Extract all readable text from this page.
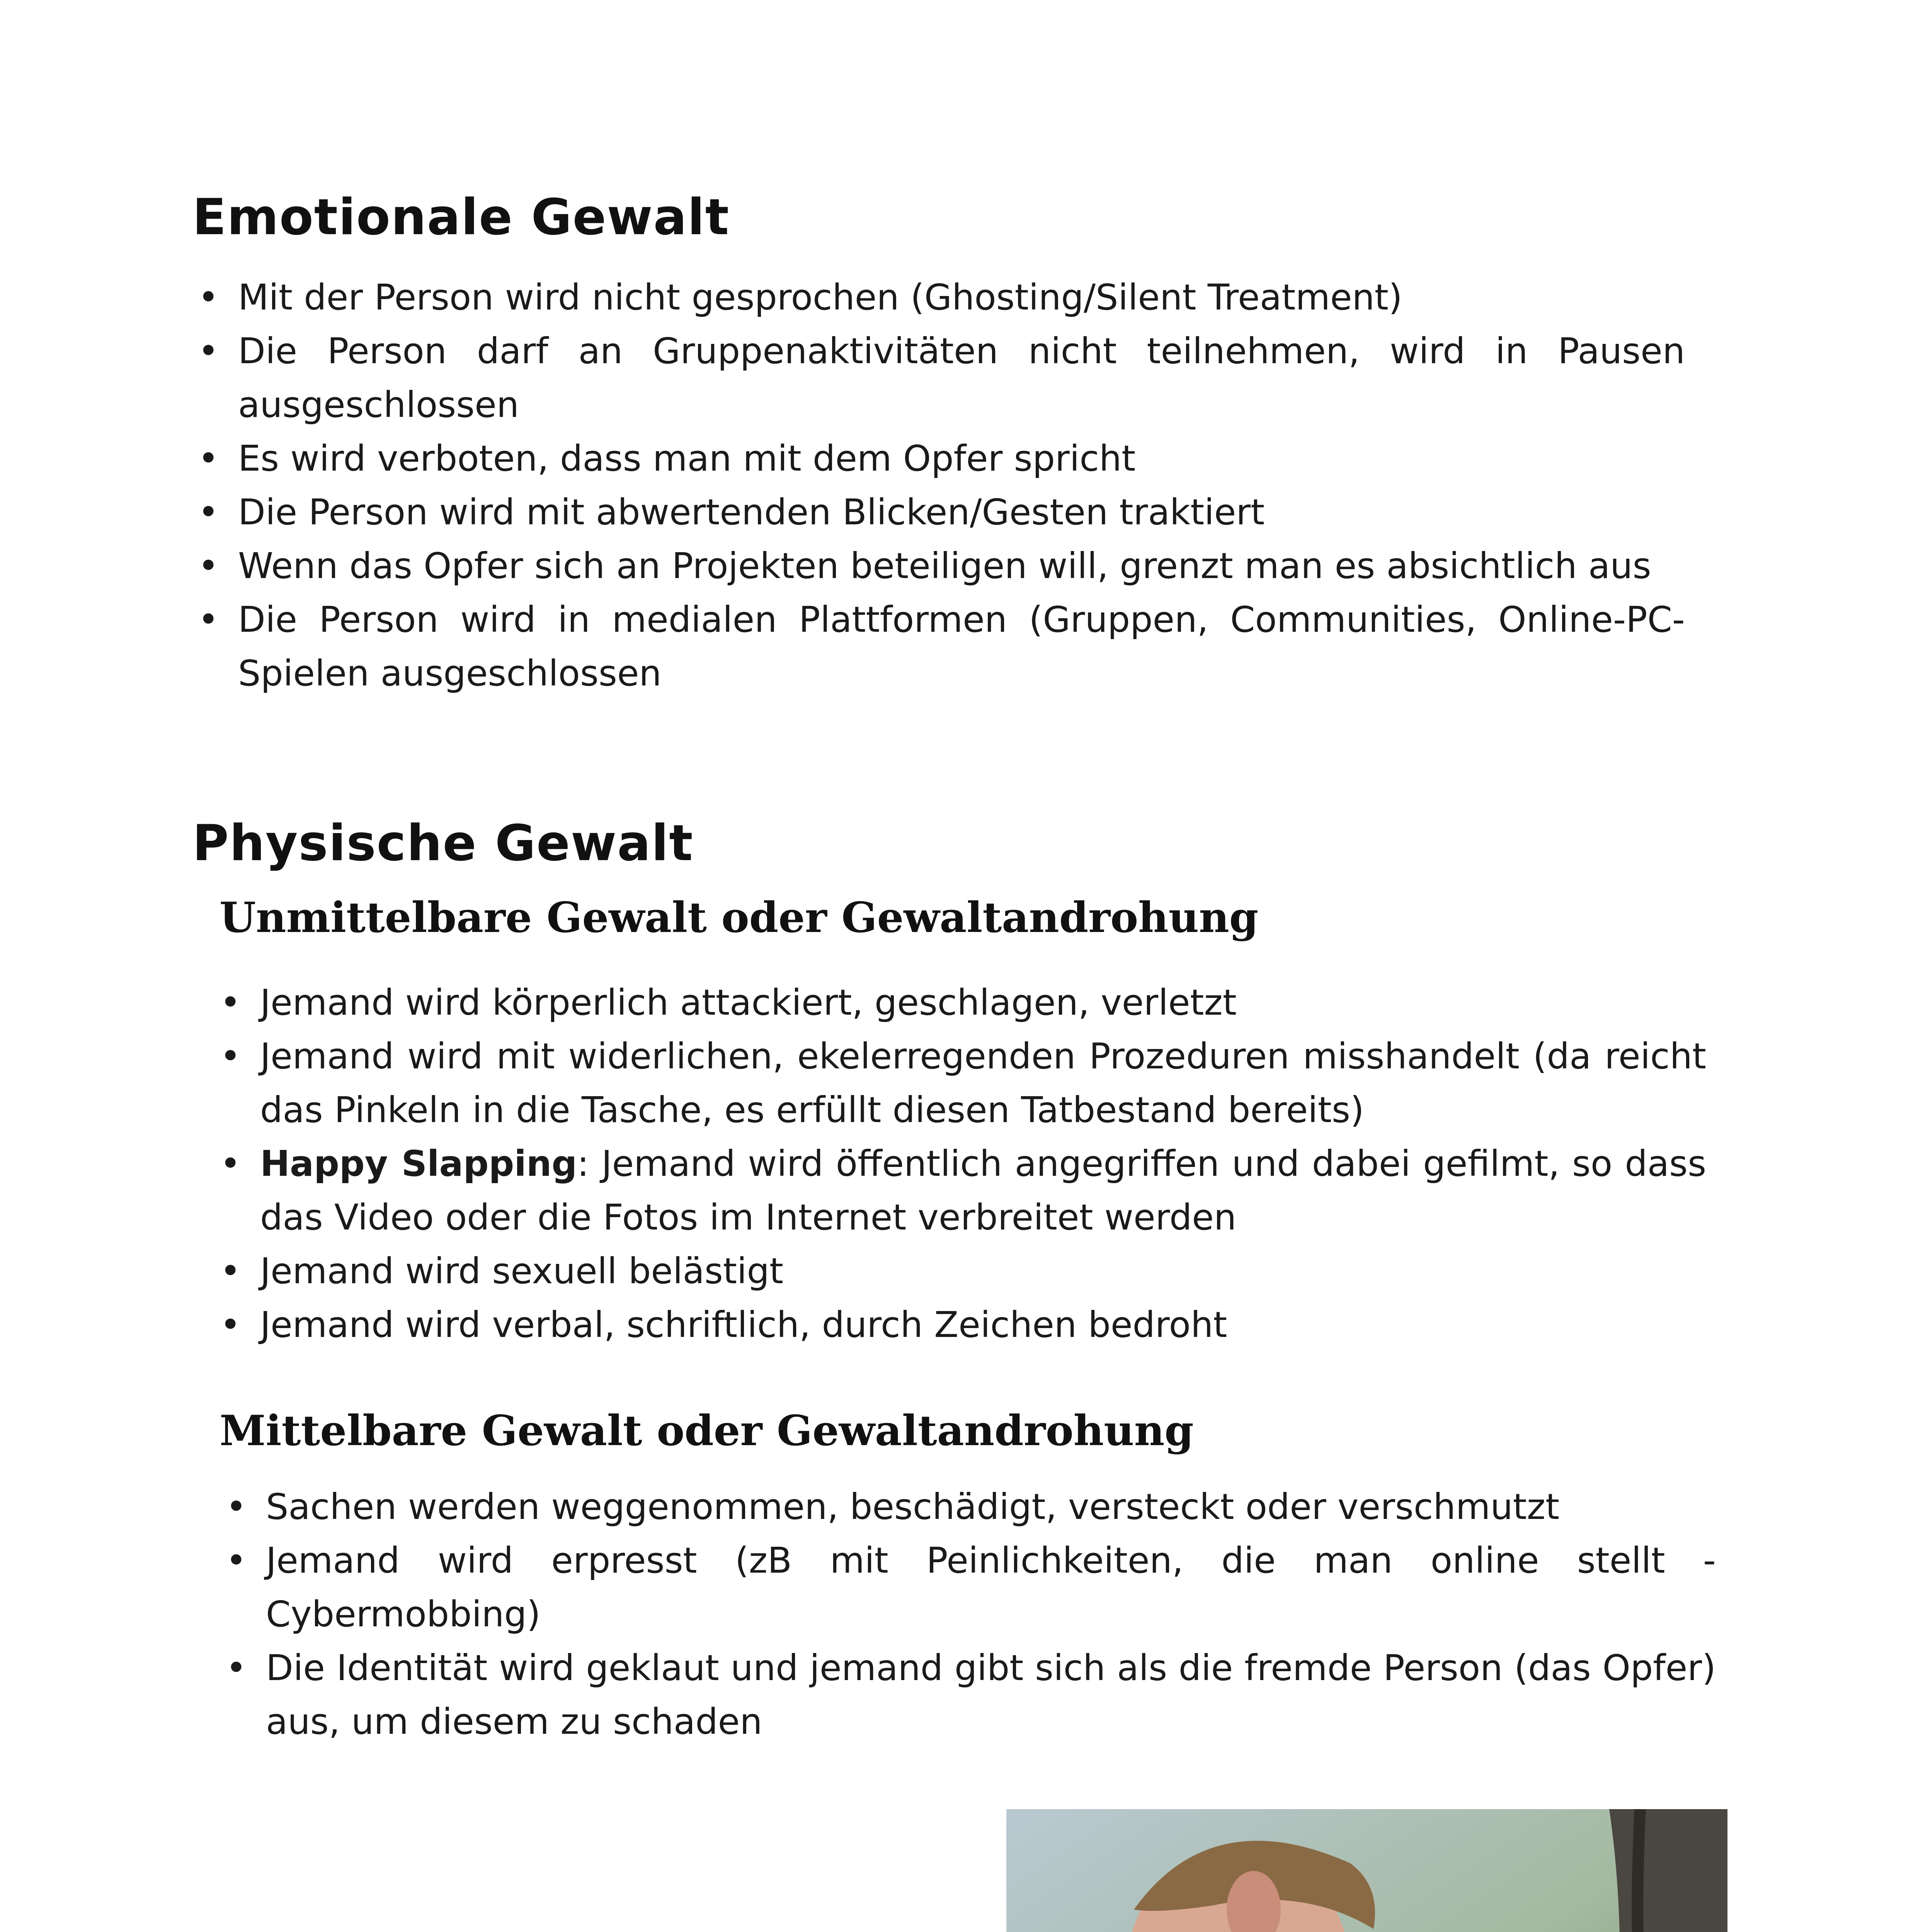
Emotionale Gewalt
• Mit der Person wird nicht gesprochen (Ghosting/Silent Treatment)
• Die Person darf an Gruppenaktivitäten nicht teilnehmen, wird in Pausen ausgeschlossen
• Es wird verboten, dass man mit dem Opfer spricht
• Die Person wird mit abwertenden Blicken/Gesten traktiert
• Wenn das Opfer sich an Projekten beteiligen will, grenzt man es absichtlich aus
• Die Person wird in medialen Plattformen (Gruppen, Communities, Online-PC-Spielen ausgeschlossen
Physische Gewalt
Unmittelbare Gewalt oder Gewaltandrohung
• Jemand wird körperlich attackiert, geschlagen, verletzt
• Jemand wird mit widerlichen, ekelerregenden Prozeduren misshandelt (da reicht das Pinkeln in die Tasche, es erfüllt diesen Tatbestand bereits)
• Happy Slapping: Jemand wird öffentlich angegriffen und dabei gefilmt, so dass das Video oder die Fotos im Internet verbreitet werden
• Jemand wird sexuell belästigt
• Jemand wird verbal, schriftlich, durch Zeichen bedroht
Mittelbare Gewalt oder Gewaltandrohung
• Sachen werden weggenommen, beschädigt, versteckt oder verschmutzt
• Jemand wird erpresst (zB mit Peinlichkeiten, die man online stellt - Cybermobbing)
• Die Identität wird geklaut und jemand gibt sich als die fremde Person (das Opfer) aus, um diesem zu schaden
